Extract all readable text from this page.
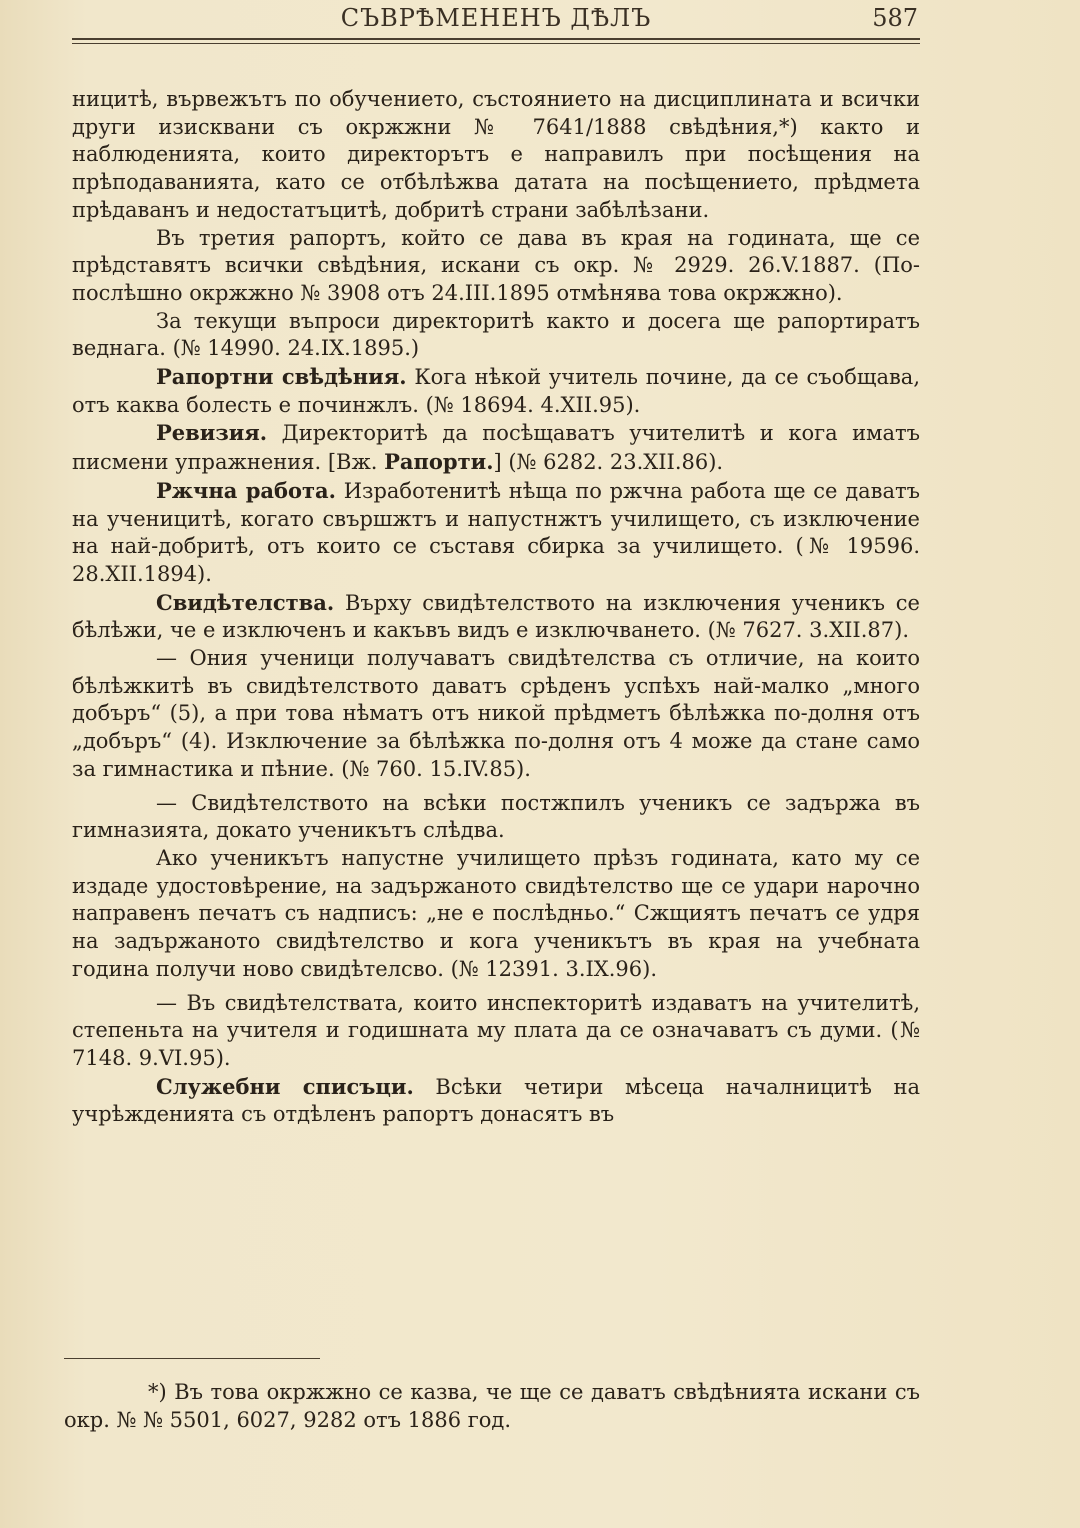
СЪВРѢМЕНЕНЪ ДѢЛЪ	587

ницитѣ, вървежътъ по обучението, състоянието на дисциплината и всички други изисквани съ окржжни № 7641/1888 свѣдѣния,*) както и наблюденията, които директорътъ е направилъ при посѣщения на прѣподаванията, като се отбѣлѣжва датата на посѣщението, прѣдмета прѣдаванъ и недостатъцитѣ, добритѣ страни забѣлѣзани.

Въ третия рапортъ, който се дава въ края на годината, ще се прѣдставятъ всички свѣдѣния, искани съ окр. № 2929. 26.V.1887. (По-послѣшно окржжно № 3908 отъ 24.III.1895 отмѣнява това окржжно).

За текущи въпроси директоритѣ както и досега ще рапортиратъ веднага. (№ 14990. 24.IX.1895.)

Рапортни свѣдѣния. Кога нѣкой учитель почине, да се съобщава, отъ каква болесть е починжлъ. (№ 18694. 4.XII.95).

Ревизия. Директоритѣ да посѣщаватъ учителитѣ и кога иматъ писмени упражнения. [Вж. Рапорти.] (№ 6282. 23.XII.86).

Ржчна работа. Изработенитѣ нѣща по ржчна работа ще се даватъ на ученицитѣ, когато свършжтъ и напустнжтъ училището, съ изключение на най-добритѣ, отъ които се съставя сбирка за училището. (№ 19596. 28.XII.1894).

Свидѣтелства. Върху свидѣтелството на изключения ученикъ се бѣлѣжи, че е изключенъ и какъвъ видъ е изключването. (№ 7627. 3.XII.87).

— Ония ученици получаватъ свидѣтелства съ отличие, на които бѣлѣжкитѣ въ свидѣтелството даватъ срѣденъ успѣхъ най-малко „много добъръ“ (5), а при това нѣматъ отъ никой прѣдметъ бѣлѣжка по-долня отъ „добъръ“ (4). Изключение за бѣлѣжка по-долня отъ 4 може да стане само за гимнастика и пѣние. (№ 760. 15.IV.85).

— Свидѣтелството на всѣки постжпилъ ученикъ се задържа въ гимназията, докато ученикътъ слѣдва.

Ако ученикътъ напустне училището прѣзъ годината, като му се издаде удостовѣрение, на задържаното свидѣтелство ще се удари нарочно направенъ печатъ съ надписъ: „не е послѣдньо.“ Сжщиятъ печатъ се удря на задържаното свидѣтелство и кога ученикътъ въ края на учебната година получи ново свидѣтелсво. (№ 12391. 3.IX.96).

— Въ свидѣтелствата, които инспекторитѣ издаватъ на учителитѣ, степеньта на учителя и годишната му плата да се означаватъ съ думи. (№ 7148. 9.VI.95).

Служебни списъци. Всѣки четири мѣсеца началницитѣ на учрѣжденията съ отдѣленъ рапортъ донасятъ въ

*) Въ това окржжно се казва, че ще се даватъ свѣдѣнията искани съ окр. № № 5501, 6027, 9282 отъ 1886 год.
